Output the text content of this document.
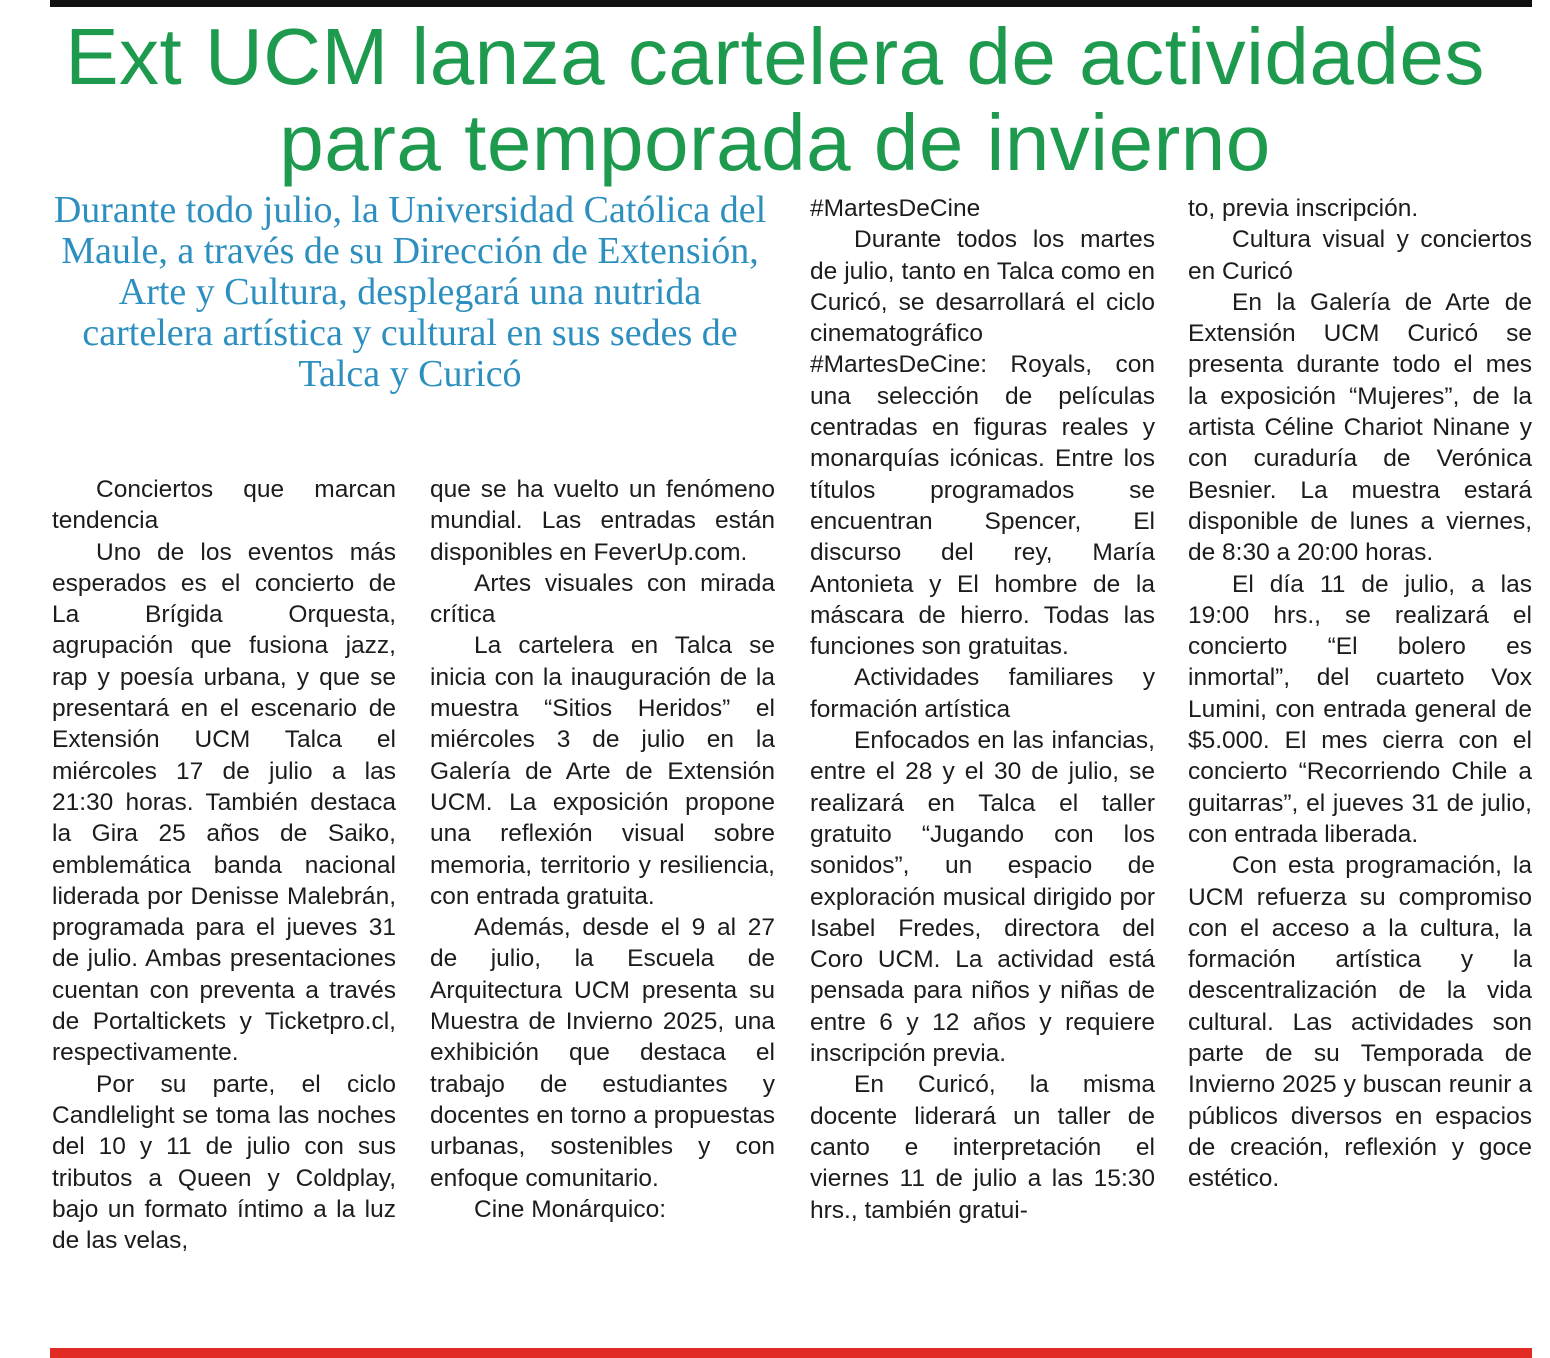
Ext UCM lanza cartelera de actividades para temporada de invierno
Durante todo julio, la Universidad Católica del Maule, a través de su Dirección de Extensión, Arte y Cultura, desplegará una nutrida cartelera artística y cultural en sus sedes de Talca y Curicó

Conciertos que marcan tendencia

Uno de los eventos más esperados es el concierto de La Brígida Orquesta, agrupación que fusiona jazz, rap y poesía urbana, y que se presentará en el escenario de Extensión UCM Talca el miércoles 17 de julio a las 21:30 horas. También destaca la Gira 25 años de Saiko, emblemática banda nacional liderada por Denisse Malebrán, programada para el jueves 31 de julio. Ambas presentaciones cuentan con preventa a través de Portaltickets y Ticketpro.cl, respectivamente.

Por su parte, el ciclo Candlelight se toma las noches del 10 y 11 de julio con sus tributos a Queen y Coldplay, bajo un formato íntimo a la luz de las velas,

que se ha vuelto un fenómeno mundial. Las entradas están disponibles en FeverUp.com.

Artes visuales con mirada crítica

La cartelera en Talca se inicia con la inauguración de la muestra “Sitios Heridos” el miércoles 3 de julio en la Galería de Arte de Extensión UCM. La exposición propone una reflexión visual sobre memoria, territorio y resiliencia, con entrada gratuita.

Además, desde el 9 al 27 de julio, la Escuela de Arquitectura UCM presenta su Muestra de Invierno 2025, una exhibición que destaca el trabajo de estudiantes y docentes en torno a propuestas urbanas, sostenibles y con enfoque comunitario.

Cine Monárquico:

#MartesDeCine

Durante todos los martes de julio, tanto en Talca como en Curicó, se desarrollará el ciclo cinematográfico #MartesDeCine: Royals, con una selección de películas centradas en figuras reales y monarquías icónicas. Entre los títulos programados se encuentran Spencer, El discurso del rey, María Antonieta y El hombre de la máscara de hierro. Todas las funciones son gratuitas.

Actividades familiares y formación artística

Enfocados en las infancias, entre el 28 y el 30 de julio, se realizará en Talca el taller gratuito “Jugando con los sonidos”, un espacio de exploración musical dirigido por Isabel Fredes, directora del Coro UCM. La actividad está pensada para niños y niñas de entre 6 y 12 años y requiere inscripción previa.

En Curicó, la misma docente liderará un taller de canto e interpretación el viernes 11 de julio a las 15:30 hrs., también gratui-

to, previa inscripción.

Cultura visual y conciertos en Curicó

En la Galería de Arte de Extensión UCM Curicó se presenta durante todo el mes la exposición “Mujeres”, de la artista Céline Chariot Ninane y con curaduría de Verónica Besnier. La muestra estará disponible de lunes a viernes, de 8:30 a 20:00 horas.

El día 11 de julio, a las 19:00 hrs., se realizará el concierto “El bolero es inmortal”, del cuarteto Vox Lumini, con entrada general de $5.000. El mes cierra con el concierto “Recorriendo Chile a guitarras”, el jueves 31 de julio, con entrada liberada.

Con esta programación, la UCM refuerza su compromiso con el acceso a la cultura, la formación artística y la descentralización de la vida cultural. Las actividades son parte de su Temporada de Invierno 2025 y buscan reunir a públicos diversos en espacios de creación, reflexión y goce estético.
